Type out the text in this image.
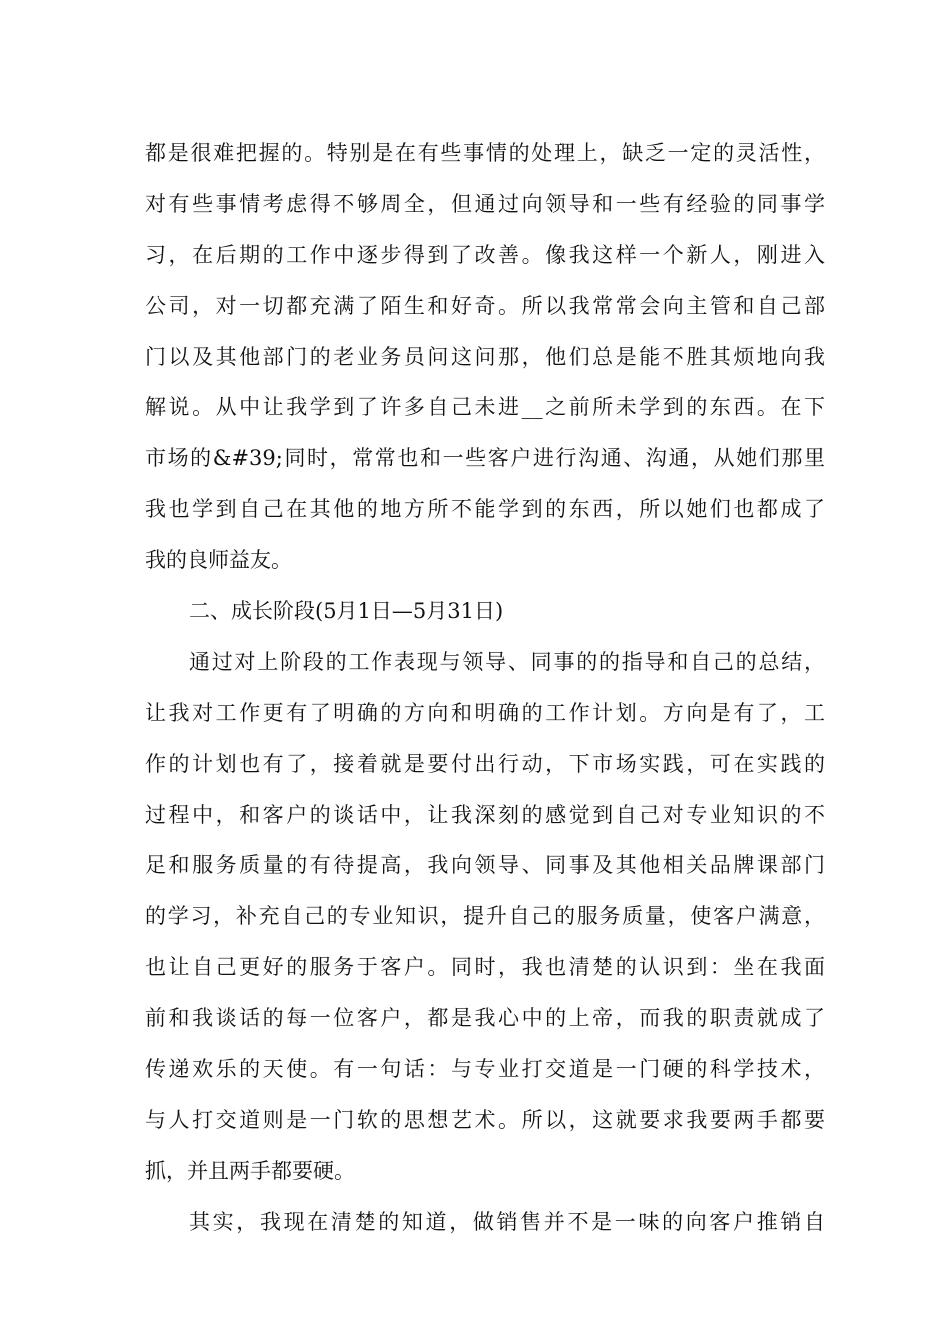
都是很难把握的。特别是在有些事情的处理上，缺乏一定的灵活性，
对有些事情考虑得不够周全，但通过向领导和一些有经验的同事学
习，在后期的工作中逐步得到了改善。像我这样一个新人，刚进入
公司，对一切都充满了陌生和好奇。所以我常常会向主管和自己部
门以及其他部门的老业务员问这问那，他们总是能不胜其烦地向我
解说。从中让我学到了许多自己未进__之前所未学到的东西。在下
市场的&#39;同时，常常也和一些客户进行沟通、沟通，从她们那里
我也学到自己在其他的地方所不能学到的东西，所以她们也都成了
我的良师益友。
二、成长阶段(5月1日—5月31日)
通过对上阶段的工作表现与领导、同事的的指导和自己的总结，
让我对工作更有了明确的方向和明确的工作计划。方向是有了，工
作的计划也有了，接着就是要付出行动，下市场实践，可在实践的
过程中，和客户的谈话中，让我深刻的感觉到自己对专业知识的不
足和服务质量的有待提高，我向领导、同事及其他相关品牌课部门
的学习，补充自己的专业知识，提升自己的服务质量，使客户满意，
也让自己更好的服务于客户。同时，我也清楚的认识到：坐在我面
前和我谈话的每一位客户，都是我心中的上帝，而我的职责就成了
传递欢乐的天使。有一句话：与专业打交道是一门硬的科学技术，
与人打交道则是一门软的思想艺术。所以，这就要求我要两手都要
抓，并且两手都要硬。
其实，我现在清楚的知道，做销售并不是一味的向客户推销自
